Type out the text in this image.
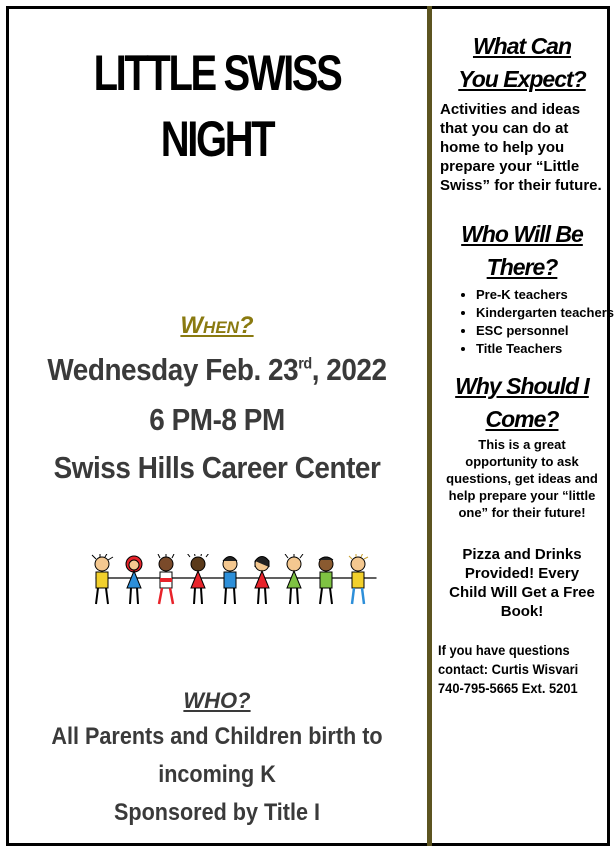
LITTLE SWISS
NIGHT
When?
Wednesday Feb. 23rd, 2022
6 PM-8 PM
Swiss Hills Career Center
WHO?
All Parents and Children birth to
incoming K
Sponsored by Title I
What Can
You Expect?
Activities and ideas that you can do at home to help you prepare your “Little Swiss” for their future.
Who Will Be
There?
• Pre-K teachers
• Kindergarten teachers
• ESC personnel
• Title Teachers
Why Should I
Come?
This is a great opportunity to ask questions, get ideas and help prepare your “little one” for their future!
Pizza and Drinks Provided! Every Child Will Get a Free Book!
If you have questions contact: Curtis Wisvari 740-795-5665 Ext. 5201
